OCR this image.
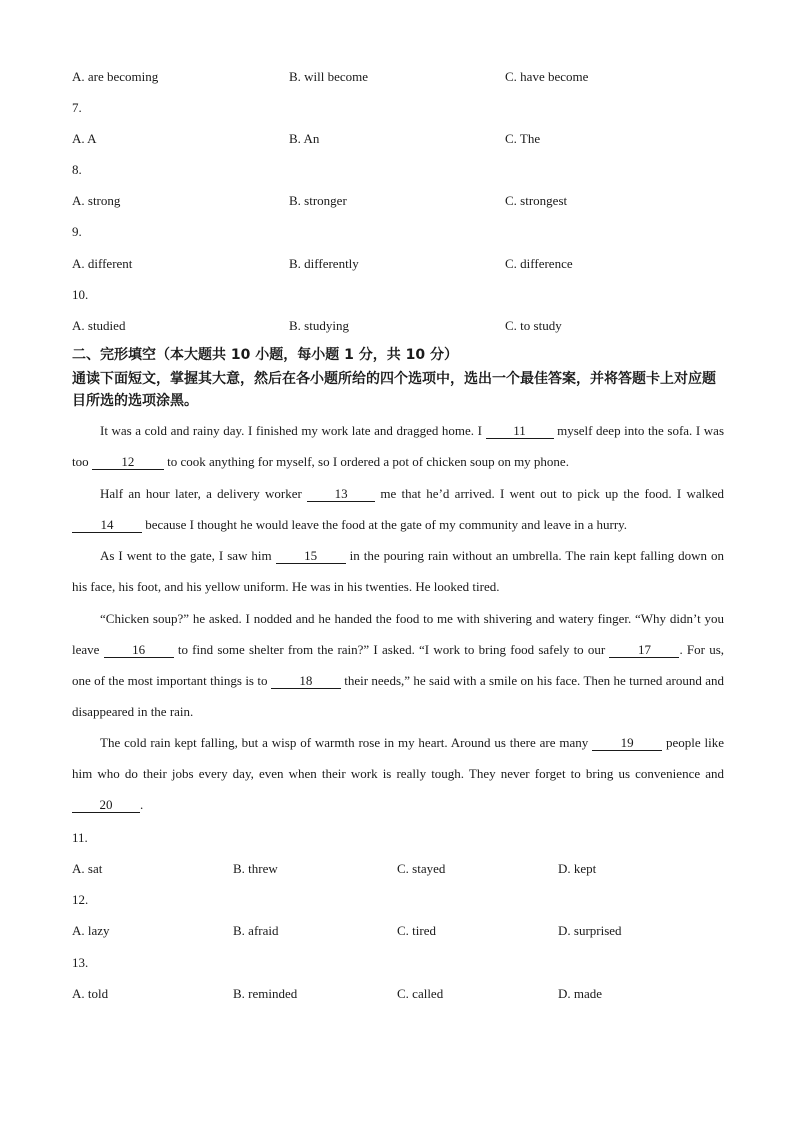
A. are becoming	B. will become	C. have become
7.
A. A	B. An	C. The
8.
A. strong	B. stronger	C. strongest
9.
A. different	B. differently	C. difference
10.
A. studied	B. studying	C. to study
二、完形填空（本大题共 10 小题，每小题 1 分，共 10 分）
通读下面短文，掌握其大意，然后在各小题所给的四个选项中，选出一个最佳答案，并将答题卡上对应题目所选的选项涂黑。
It was a cold and rainy day. I finished my work late and dragged home. I 11 myself deep into the sofa. I was too 12 to cook anything for myself, so I ordered a pot of chicken soup on my phone.
Half an hour later, a delivery worker 13 me that he’d arrived. I went out to pick up the food. I walked 14 because I thought he would leave the food at the gate of my community and leave in a hurry.
As I went to the gate, I saw him 15 in the pouring rain without an umbrella. The rain kept falling down on his face, his foot, and his yellow uniform. He was in his twenties. He looked tired.
“Chicken soup?” he asked. I nodded and he handed the food to me with shivering and watery finger. “Why didn’t you leave 16 to find some shelter from the rain?” I asked. “I work to bring food safely to our 17 . For us, one of the most important things is to 18 their needs,” he said with a smile on his face. Then he turned around and disappeared in the rain.
The cold rain kept falling, but a wisp of warmth rose in my heart. Around us there are many 19 people like him who do their jobs every day, even when their work is really tough. They never forget to bring us convenience and 20 .
11.
A. sat	B. threw	C. stayed	D. kept
12.
A. lazy	B. afraid	C. tired	D. surprised
13.
A. told	B. reminded	C. called	D. made
